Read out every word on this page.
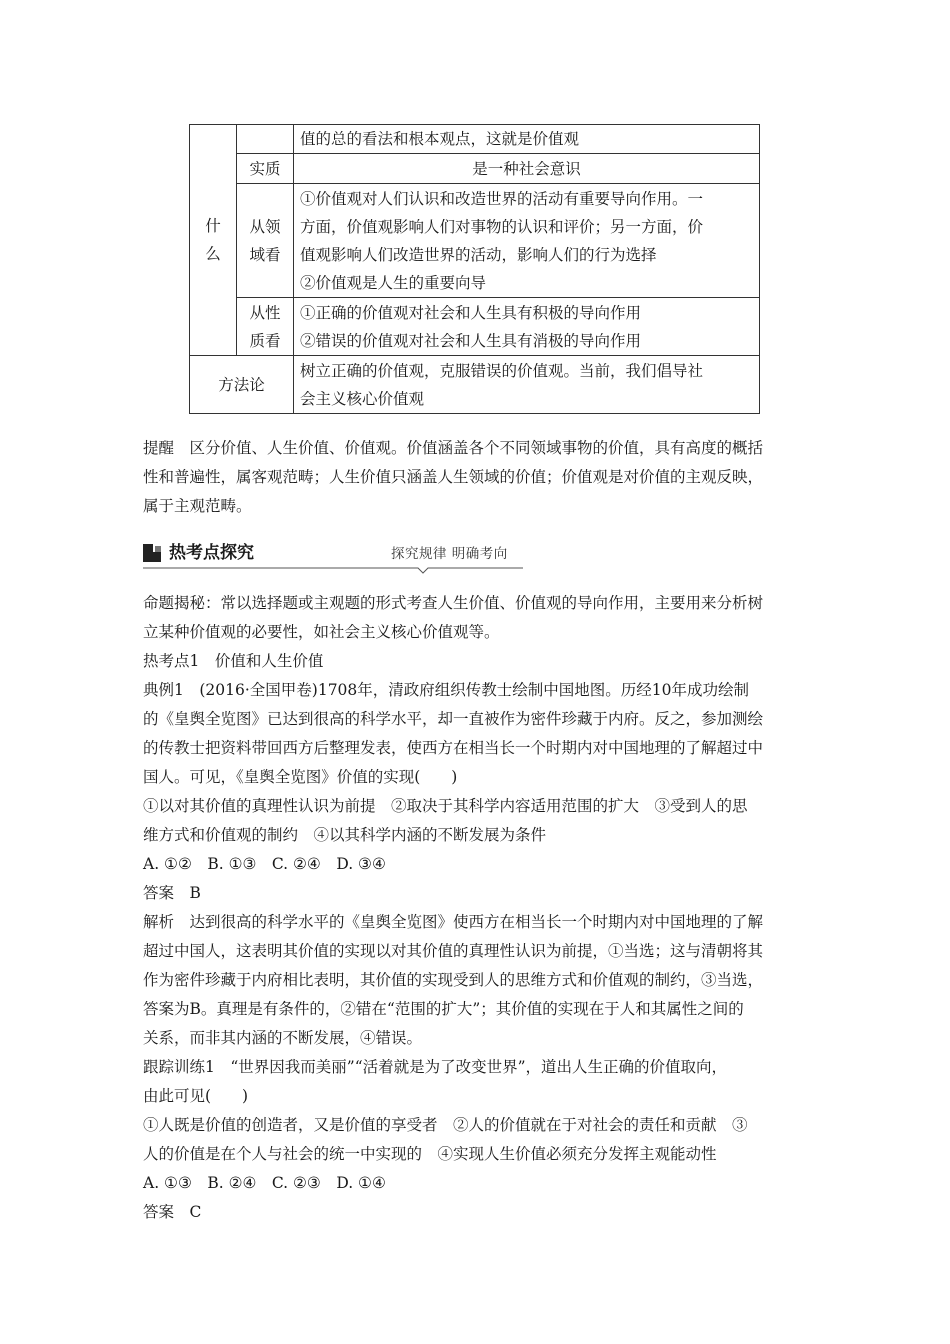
什
么		值的总的看法和根本观点，这就是价值观
	实质	是一种社会意识

	从领
域看	①价值观对人们认识和改造世界的活动有重要导向作用。一
方面，价值观影响人们对事物的认识和评价；另一方面，价
值观影响人们改造世界的活动，影响人们的行为选择
②价值观是人生的重要向导

	从性
质看	①正确的价值观对社会和人生具有积极的导向作用
②错误的价值观对社会和人生具有消极的导向作用

方法论		树立正确的价值观，克服错误的价值观。当前，我们倡导社
会主义核心价值观
提醒　区分价值、人生价值、价值观。价值涵盖各个不同领域事物的价值，具有高度的概括
性和普遍性，属客观范畴；人生价值只涵盖人生领域的价值；价值观是对价值的主观反映，
属于主观范畴。
热考点探究	探究规律 明确考向
命题揭秘：常以选择题或主观题的形式考查人生价值、价值观的导向作用，主要用来分析树
立某种价值观的必要性，如社会主义核心价值观等。
热考点1　价值和人生价值
典例1　(2016·全国甲卷)1708年，清政府组织传教士绘制中国地图。历经10年成功绘制
的《皇舆全览图》已达到很高的科学水平，却一直被作为密件珍藏于内府。反之，参加测绘
的传教士把资料带回西方后整理发表，使西方在相当长一个时期内对中国地理的了解超过中
国人。可见，《皇舆全览图》价值的实现(　　)
①以对其价值的真理性认识为前提　②取决于其科学内容适用范围的扩大　③受到人的思
维方式和价值观的制约　④以其科学内涵的不断发展为条件
A. ①②　B. ①③　C. ②④　D. ③④
答案　B
解析　达到很高的科学水平的《皇舆全览图》使西方在相当长一个时期内对中国地理的了解
超过中国人，这表明其价值的实现以对其价值的真理性认识为前提，①当选；这与清朝将其
作为密件珍藏于内府相比表明，其价值的实现受到人的思维方式和价值观的制约，③当选，
答案为B。真理是有条件的，②错在“范围的扩大”；其价值的实现在于人和其属性之间的
关系，而非其内涵的不断发展，④错误。
跟踪训练1　“世界因我而美丽”“活着就是为了改变世界”，道出人生正确的价值取向，
由此可见(　　)
①人既是价值的创造者，又是价值的享受者　②人的价值就在于对社会的责任和贡献　③
人的价值是在个人与社会的统一中实现的　④实现人生价值必须充分发挥主观能动性
A. ①③　B. ②④　C. ②③　D. ①④
答案　C
